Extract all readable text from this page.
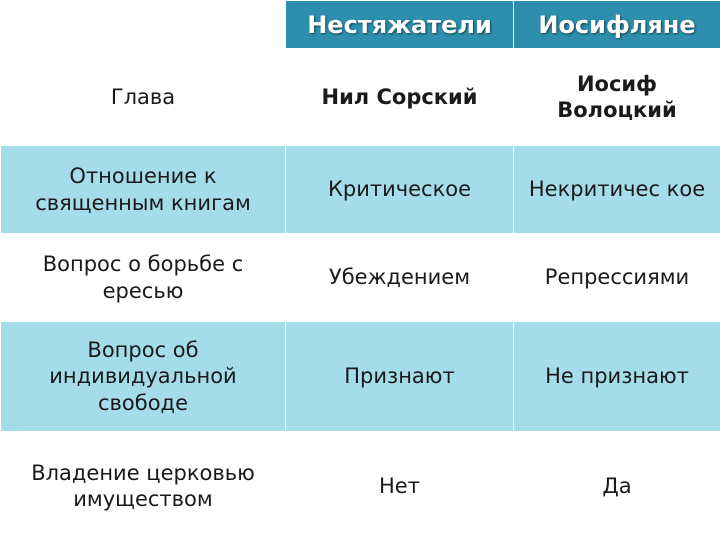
	Нестяжатели	Иосифляне
Глава	Нил Сорский	Иосиф Волоцкий
Отношение к священным книгам	Критическое	Некритичес кое
Вопрос о борьбе с ересью	Убеждением	Репрессиями
Вопрос об индивидуальной свободе	Признают	Не признают
Владение церковью имуществом	Нет	Да
